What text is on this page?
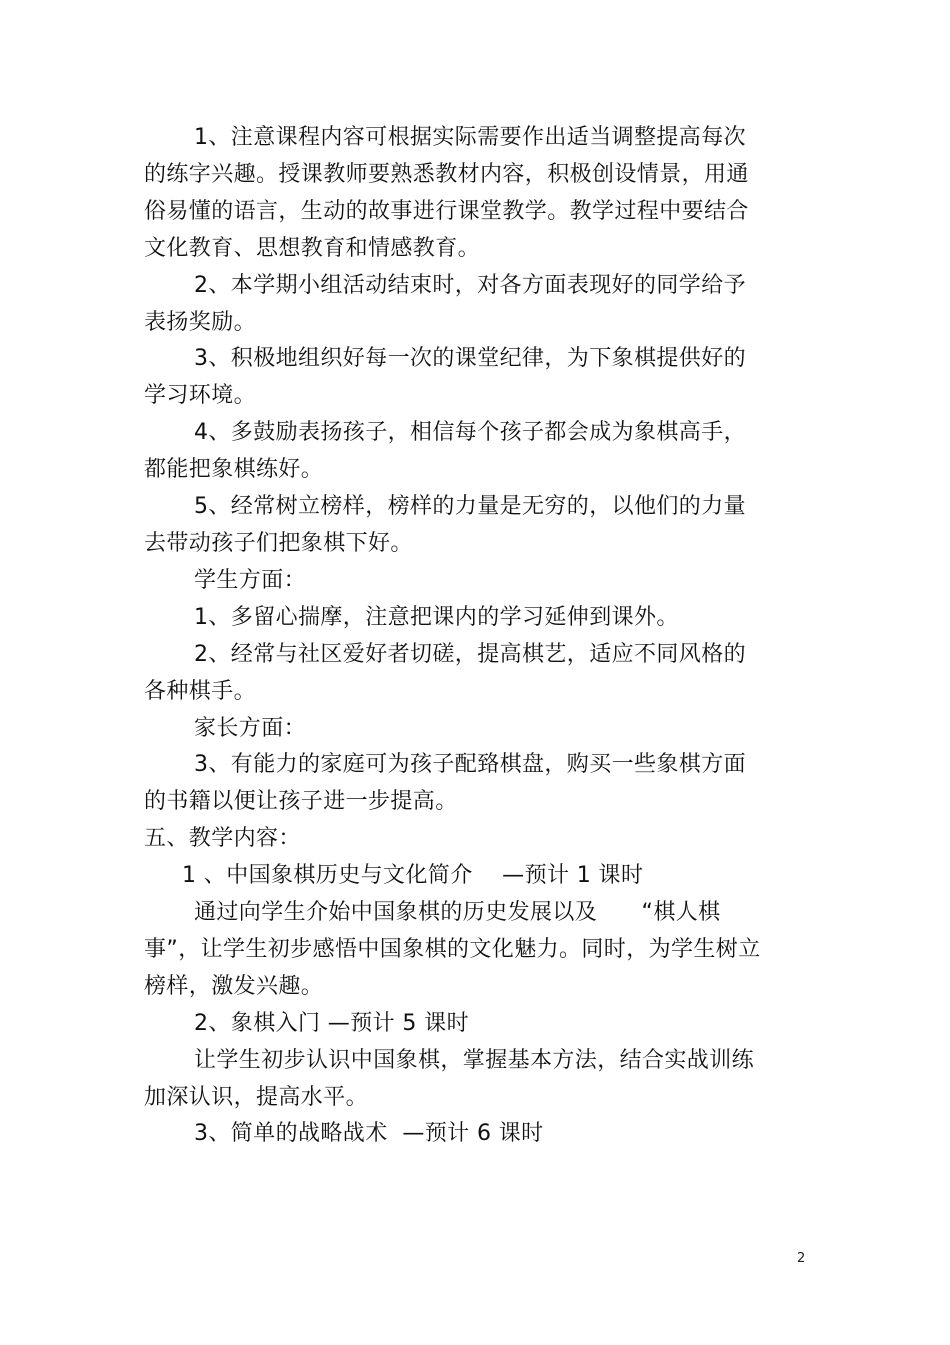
1、注意课程内容可根据实际需要作出适当调整提高每次的练字兴趣。授课教师要熟悉教材内容，积极创设情景，用通俗易懂的语言，生动的故事进行课堂教学。教学过程中要结合文化教育、思想教育和情感教育。

2、本学期小组活动结束时，对各方面表现好的同学给予表扬奖励。

3、积极地组织好每一次的课堂纪律，为下象棋提供好的学习环境。

4、多鼓励表扬孩子，相信每个孩子都会成为象棋高手，都能把象棋练好。

5、经常树立榜样，榜样的力量是无穷的，以他们的力量去带动孩子们把象棋下好。

学生方面：

1、多留心揣摩，注意把课内的学习延伸到课外。

2、经常与社区爱好者切磋，提高棋艺，适应不同风格的各种棋手。

家长方面：

3、有能力的家庭可为孩子配臵棋盘，购买一些象棋方面的书籍以便让孩子进一步提高。

五、教学内容：

1 、中国象棋历史与文化简介    —预计 1 课时

通过向学生介始中国象棋的历史发展以及      “棋人棋事”，让学生初步感悟中国象棋的文化魅力。同时，为学生树立榜样，激发兴趣。

2、象棋入门 —预计 5 课时

让学生初步认识中国象棋，掌握基本方法，结合实战训练加深认识，提高水平。

3、简单的战略战术  —预计 6 课时

2
